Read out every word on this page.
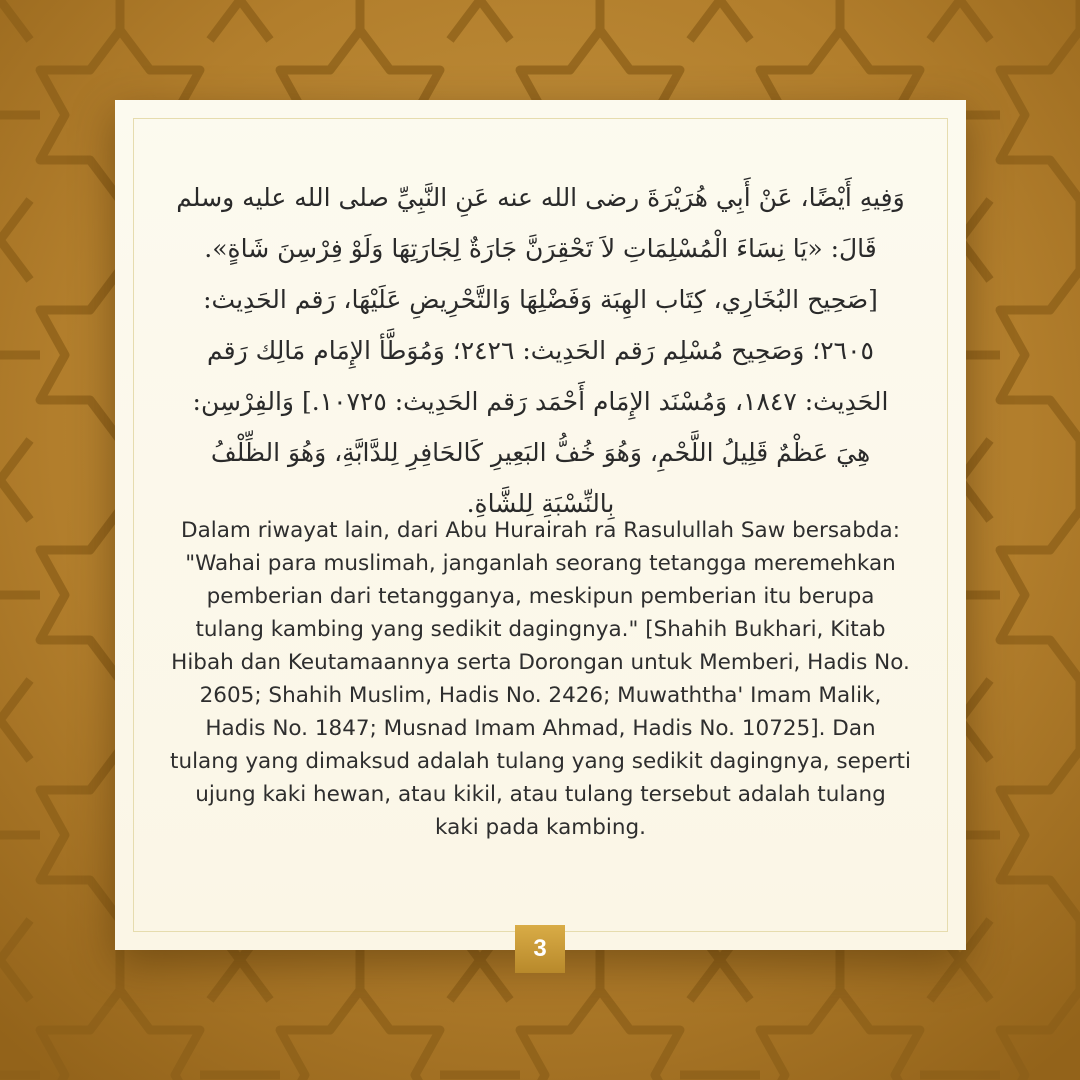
وَفِيهِ أَيْضًا، عَنْ أَبِي هُرَيْرَةَ رضى الله عنه عَنِ النَّبِيِّ صلى الله عليه وسلم قَالَ: «يَا نِسَاءَ الْمُسْلِمَاتِ لاَ تَحْقِرَنَّ جَارَةٌ لِجَارَتِهَا وَلَوْ فِرْسِنَ شَاةٍ». [صَحِيح البُخَارِي، كِتَاب الهِبَة وَفَضْلِهَا وَالتَّحْرِيضِ عَلَيْهَا، رَقم الحَدِيث: ٢٦٠٥؛ وَصَحِيح مُسْلِم رَقم الحَدِيث: ٢٤٢٦؛ وَمُوَطَّأ الإِمَام مَالِك رَقم الحَدِيث: ١٨٤٧، وَمُسْنَد الإِمَام أَحْمَد رَقم الحَدِيث: ١٠٧٢٥.] وَالفِرْسِن: هِيَ عَظْمٌ قَلِيلُ اللَّحْمِ، وَهُوَ خُفُّ البَعِيرِ كَالحَافِرِ لِلدَّابَّةِ، وَهُوَ الظِّلْفُ بِالنِّسْبَةِ لِلشَّاةِ.

Dalam riwayat lain, dari Abu Hurairah ra Rasulullah Saw bersabda: "Wahai para muslimah, janganlah seorang tetangga meremehkan pemberian dari tetangganya, meskipun pemberian itu berupa tulang kambing yang sedikit dagingnya." [Shahih Bukhari, Kitab Hibah dan Keutamaannya serta Dorongan untuk Memberi, Hadis No. 2605; Shahih Muslim, Hadis No. 2426; Muwaththa' Imam Malik, Hadis No. 1847; Musnad Imam Ahmad, Hadis No. 10725]. Dan tulang yang dimaksud adalah tulang yang sedikit dagingnya, seperti ujung kaki hewan, atau kikil, atau tulang tersebut adalah tulang kaki pada kambing.

3
